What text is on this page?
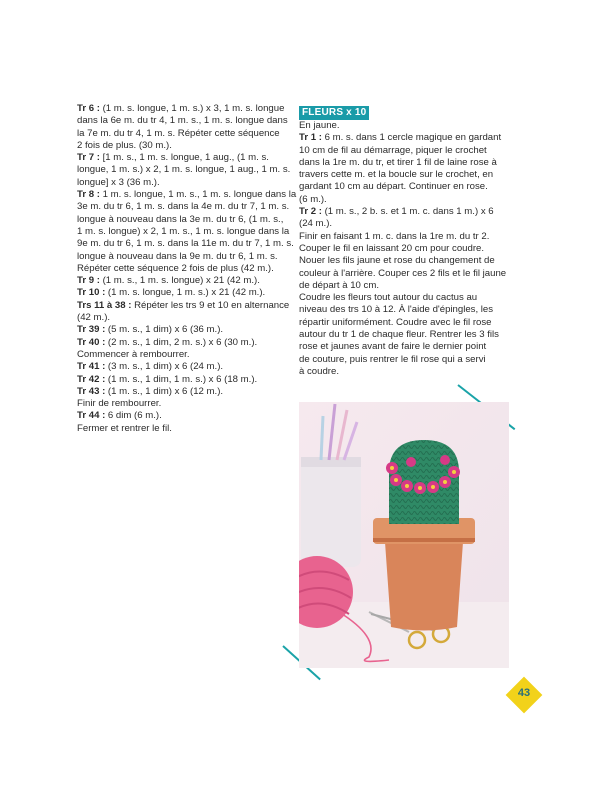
Tr 6 : (1 m. s. longue, 1 m. s.) x 3, 1 m. s. longue
dans la 6e m. du tr 4, 1 m. s., 1 m. s. longue dans
la 7e m. du tr 4, 1 m. s. Répéter cette séquence
2 fois de plus. (30 m.).
Tr 7 : [1 m. s., 1 m. s. longue, 1 aug., (1 m. s.
longue, 1 m. s.) x 2, 1 m. s. longue, 1 aug., 1 m. s.
longue] x 3 (36 m.).
Tr 8 : 1 m. s. longue, 1 m. s., 1 m. s. longue dans la
3e m. du tr 6, 1 m. s. dans la 4e m. du tr 7, 1 m. s.
longue à nouveau dans la 3e m. du tr 6, (1 m. s.,
1 m. s. longue) x 2, 1 m. s., 1 m. s. longue dans la
9e m. du tr 6, 1 m. s. dans la 11e m. du tr 7, 1 m. s.
longue à nouveau dans la 9e m. du tr 6, 1 m. s.
Répéter cette séquence 2 fois de plus (42 m.).
Tr 9 : (1 m. s., 1 m. s. longue) x 21 (42 m.).
Tr 10 : (1 m. s. longue, 1 m. s.) x 21 (42 m.).
Trs 11 à 38 : Répéter les trs 9 et 10 en alternance
(42 m.).
Tr 39 : (5 m. s., 1 dim) x 6 (36 m.).
Tr 40 : (2 m. s., 1 dim, 2 m. s.) x 6 (30 m.).
Commencer à rembourrer.
Tr 41 : (3 m. s., 1 dim) x 6 (24 m.).
Tr 42 : (1 m. s., 1 dim, 1 m. s.) x 6 (18 m.).
Tr 43 : (1 m. s., 1 dim) x 6 (12 m.).
Finir de rembourrer.
Tr 44 : 6 dim (6 m.).
Fermer et rentrer le fil.
FLEURS x 10
En jaune.
Tr 1 : 6 m. s. dans 1 cercle magique en gardant
10 cm de fil au démarrage, piquer le crochet
dans la 1re m. du tr, et tirer 1 fil de laine rose à
travers cette m. et la boucle sur le crochet, en
gardant 10 cm au départ. Continuer en rose.
(6 m.).
Tr 2 : (1 m. s., 2 b. s. et 1 m. c. dans 1 m.) x 6
(24 m.).
Finir en faisant 1 m. c. dans la 1re m. du tr 2.
Couper le fil en laissant 20 cm pour coudre.
Nouer les fils jaune et rose du changement de
couleur à l'arrière. Couper ces 2 fils et le fil jaune
de départ à 10 cm.
Coudre les fleurs tout autour du cactus au
niveau des trs 10 à 12. À l'aide d'épingles, les
répartir uniformément. Coudre avec le fil rose
autour du tr 1 de chaque fleur. Rentrer les 3 fils
rose et jaunes avant de faire le dernier point
de couture, puis rentrer le fil rose qui a servi
à coudre.
43
